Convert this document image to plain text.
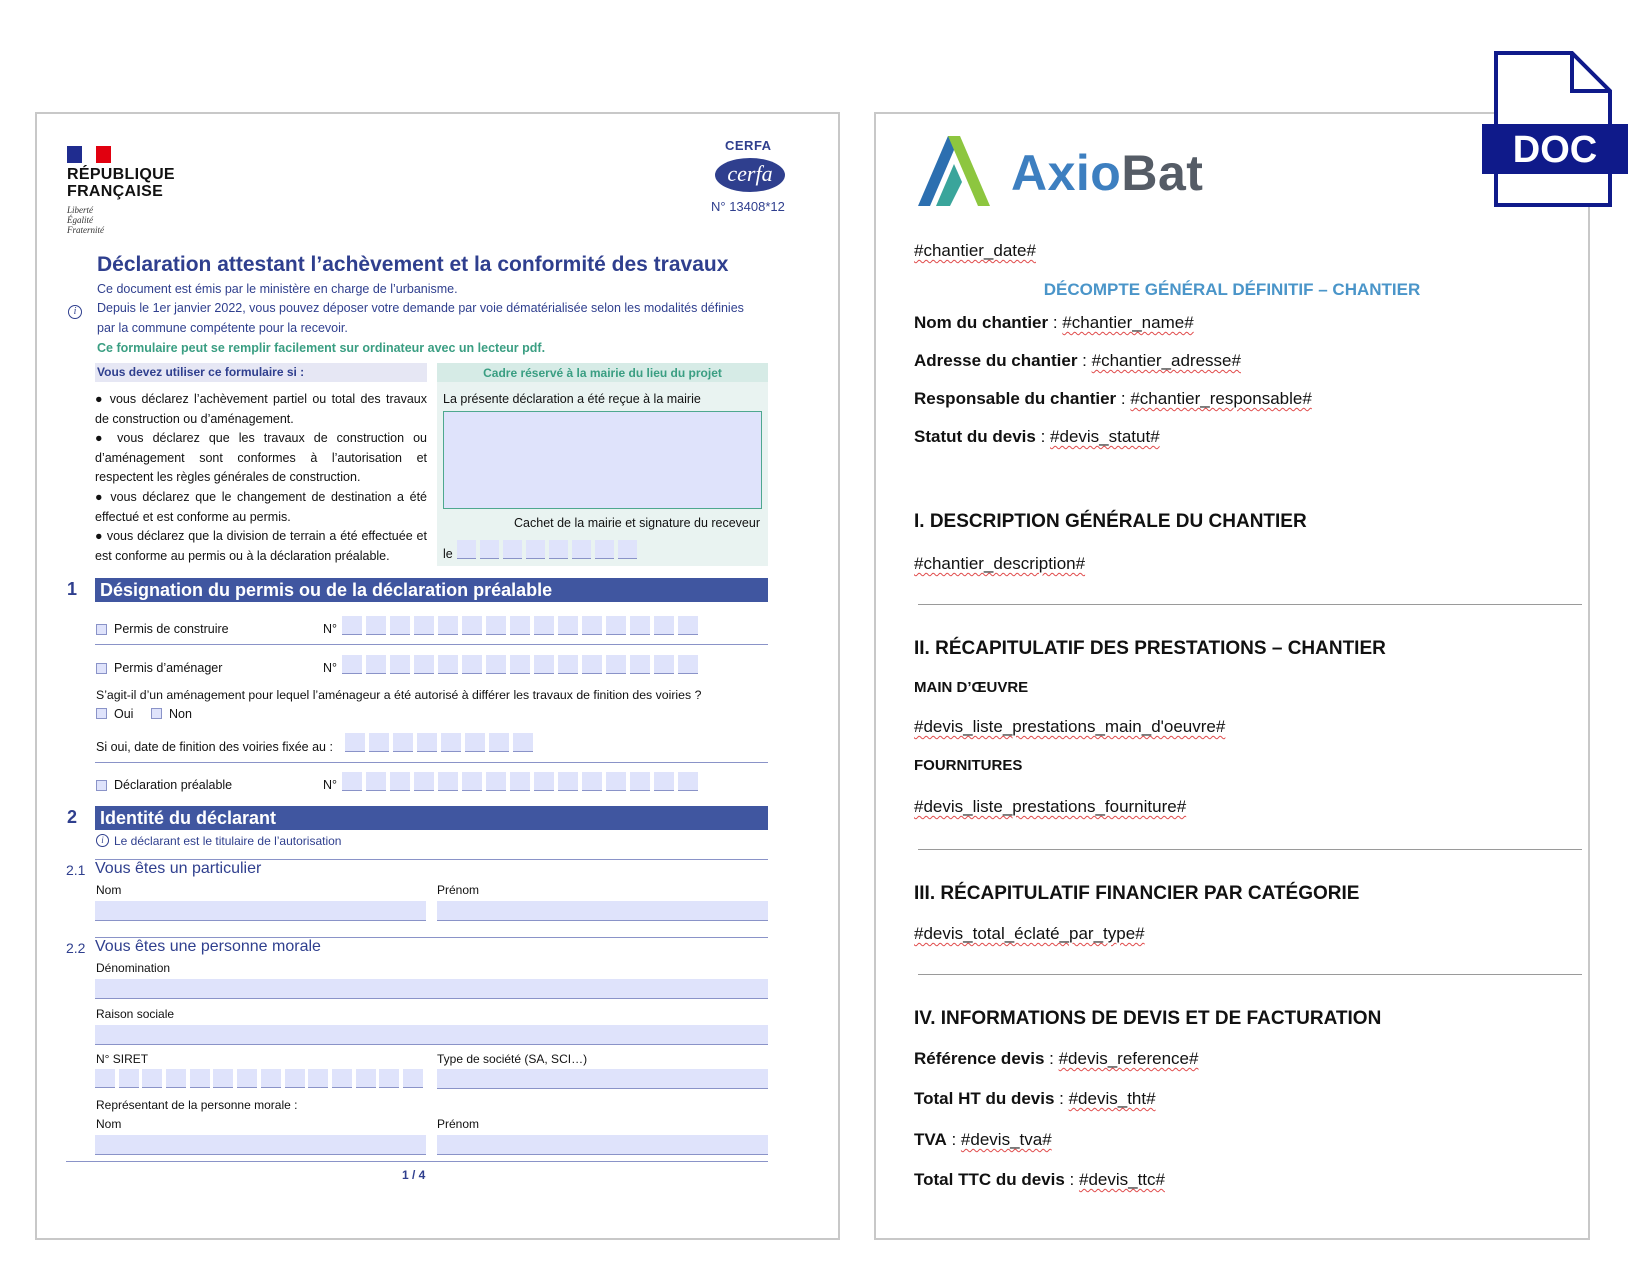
RÉPUBLIQUE
FRANÇAISE
Liberté
Égalité
Fraternité
CERFA
cerfa
N° 13408*12
Déclaration attestant l’achèvement et la conformité des travaux
Ce document est émis par le ministère en charge de l’urbanisme.
i	Depuis le 1er janvier 2022, vous pouvez déposer votre demande par voie dématérialisée selon les modalités définies
par la commune compétente pour la recevoir.
Ce formulaire peut se remplir facilement sur ordinateur avec un lecteur pdf.
Vous devez utiliser ce formulaire si :
● vous déclarez l’achèvement partiel ou total des travaux de construction ou d’aménagement.
● vous déclarez que les travaux de construction ou d’aménagement sont conformes à l’autorisation et respectent les règles générales de construction.
● vous déclarez que le changement de destination a été effectué et est conforme au permis.
● vous déclarez que la division de terrain a été effectuée et est conforme au permis ou à la déclaration préalable.
Cadre réservé à la mairie du lieu du projet
La présente déclaration a été reçue à la mairie
Cachet de la mairie et signature du receveur
le
1 Désignation du permis ou de la déclaration préalable
Permis de construire	N°
Permis d’aménager	N°
S’agit-il d’un aménagement pour lequel l’aménageur a été autorisé à différer les travaux de finition des voiries ?
Oui	Non
Si oui, date de finition des voiries fixée au :
Déclaration préalable	N°
2 Identité du déclarant
i Le déclarant est le titulaire de l’autorisation
2.1 Vous êtes un particulier
Nom	Prénom
2.2 Vous êtes une personne morale
Dénomination
Raison sociale
N° SIRET	Type de société (SA, SCI…)
Représentant de la personne morale :
Nom	Prénom
1 / 4
AxioBat
#chantier_date#
DÉCOMPTE GÉNÉRAL DÉFINITIF – CHANTIER
Nom du chantier : #chantier_name#
Adresse du chantier : #chantier_adresse#
Responsable du chantier : #chantier_responsable#
Statut du devis : #devis_statut#
I. DESCRIPTION GÉNÉRALE DU CHANTIER
#chantier_description#
II. RÉCAPITULATIF DES PRESTATIONS – CHANTIER
MAIN D’ŒUVRE
#devis_liste_prestations_main_d'oeuvre#
FOURNITURES
#devis_liste_prestations_fourniture#
III. RÉCAPITULATIF FINANCIER PAR CATÉGORIE
#devis_total_éclaté_par_type#
IV. INFORMATIONS DE DEVIS ET DE FACTURATION
Référence devis : #devis_reference#
Total HT du devis : #devis_tht#
TVA : #devis_tva#
Total TTC du devis : #devis_ttc#
DOC
